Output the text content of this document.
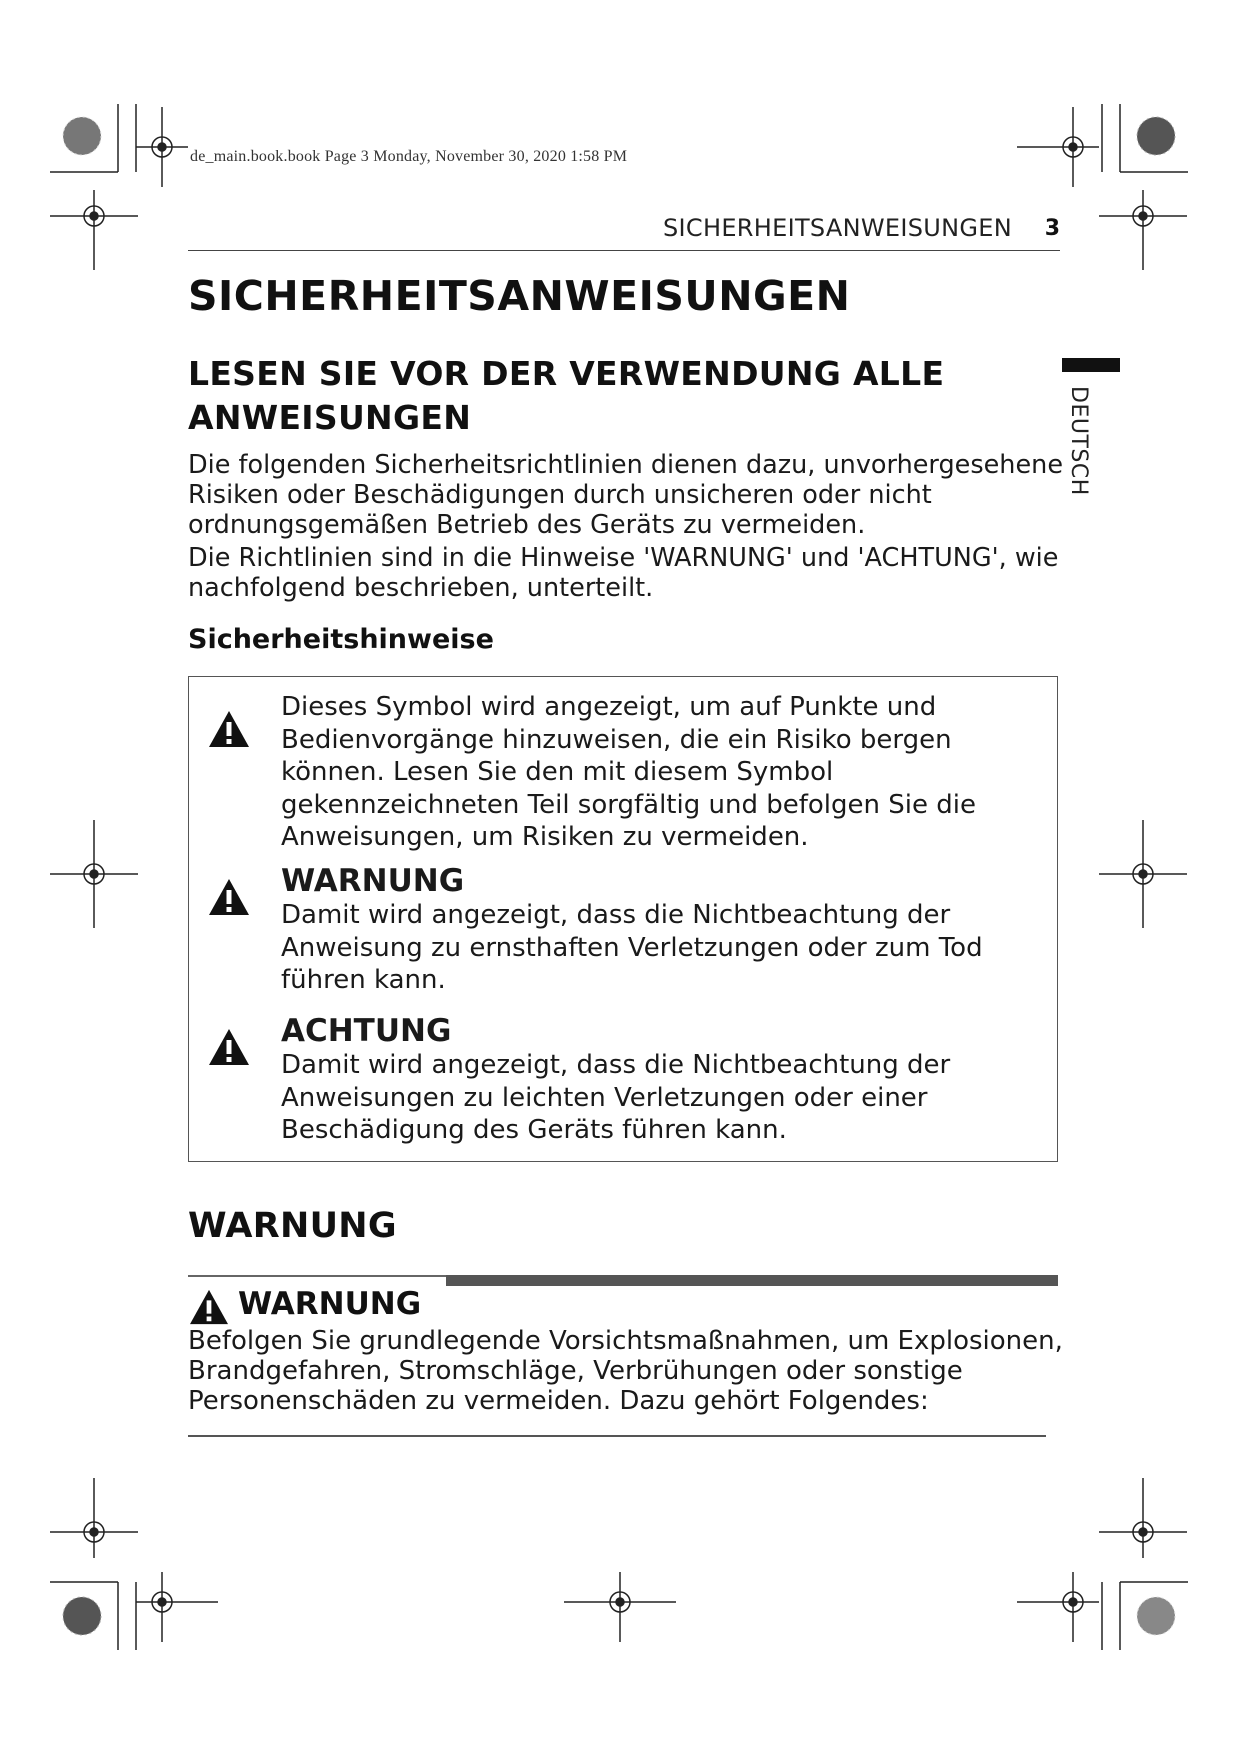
de_main.book.book Page 3 Monday, November 30, 2020 1:58 PM
SICHERHEITSANWEISUNGEN 3
DEUTSCH
SICHERHEITSANWEISUNGEN
LESEN SIE VOR DER VERWENDUNG ALLE ANWEISUNGEN
Die folgenden Sicherheitsrichtlinien dienen dazu, unvorhergesehene Risiken oder Beschädigungen durch unsicheren oder nicht ordnungsgemäßen Betrieb des Geräts zu vermeiden.
Die Richtlinien sind in die Hinweise 'WARNUNG' und 'ACHTUNG', wie nachfolgend beschrieben, unterteilt.
Sicherheitshinweise
Dieses Symbol wird angezeigt, um auf Punkte und Bedienvorgänge hinzuweisen, die ein Risiko bergen können. Lesen Sie den mit diesem Symbol gekennzeichneten Teil sorgfältig und befolgen Sie die Anweisungen, um Risiken zu vermeiden.
WARNUNG
Damit wird angezeigt, dass die Nichtbeachtung der Anweisung zu ernsthaften Verletzungen oder zum Tod führen kann.
ACHTUNG
Damit wird angezeigt, dass die Nichtbeachtung der Anweisungen zu leichten Verletzungen oder einer Beschädigung des Geräts führen kann.
WARNUNG
WARNUNG
Befolgen Sie grundlegende Vorsichtsmaßnahmen, um Explosionen, Brandgefahren, Stromschläge, Verbrühungen oder sonstige Personenschäden zu vermeiden. Dazu gehört Folgendes:
